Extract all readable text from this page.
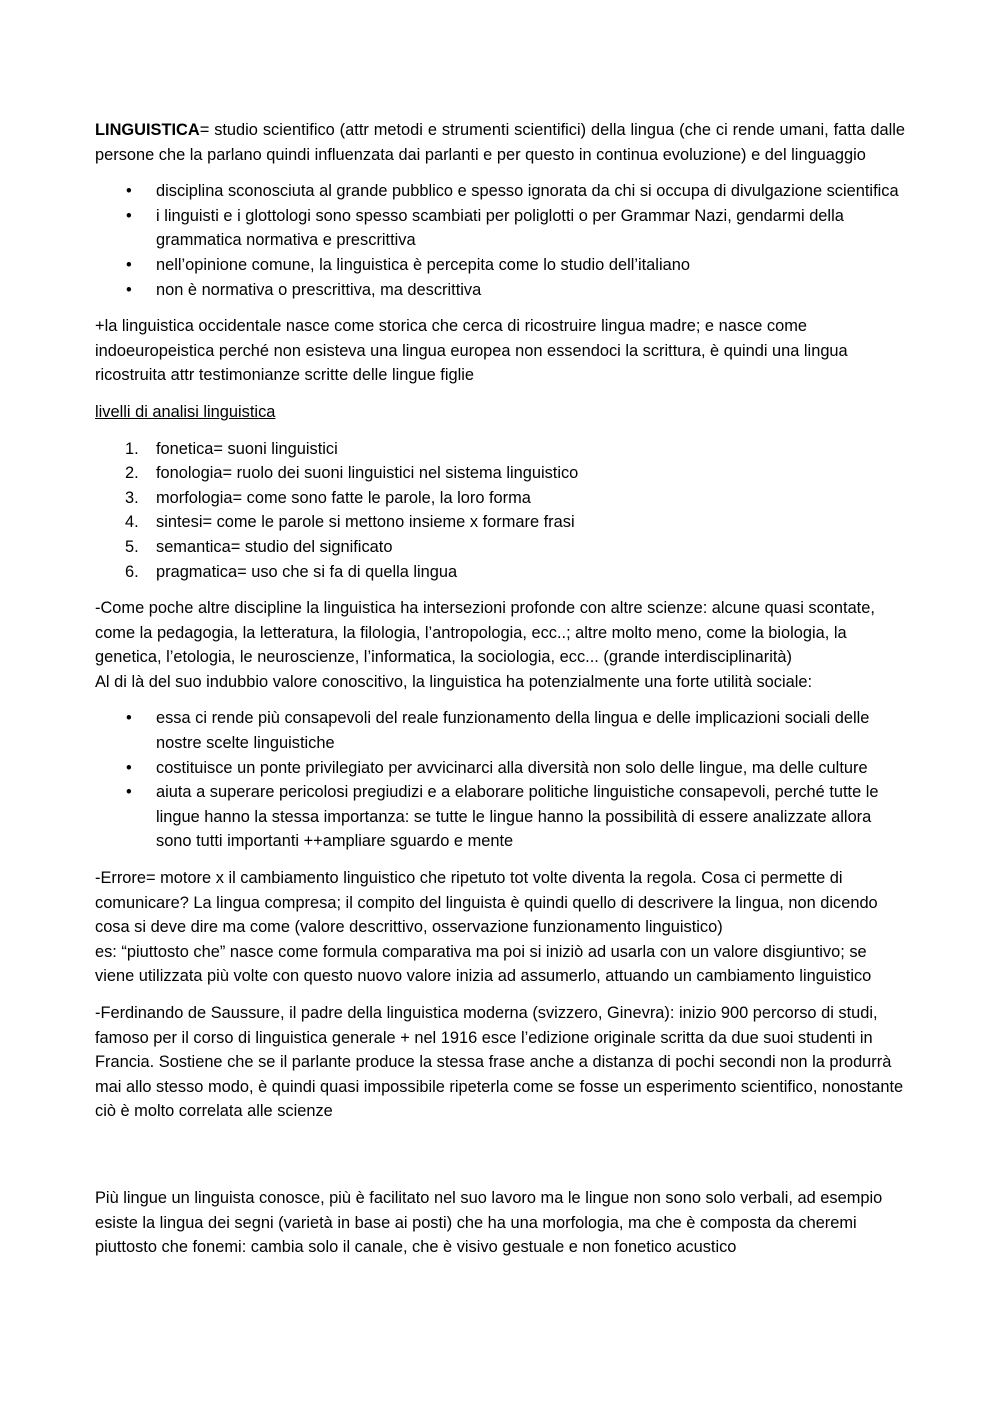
LINGUISTICA= studio scientifico (attr metodi e strumenti scientifici) della lingua (che ci rende umani, fatta dalle persone che la parlano quindi influenzata dai parlanti e per questo in continua evoluzione) e del linguaggio

• disciplina sconosciuta al grande pubblico e spesso ignorata da chi si occupa di divulgazione scientifica
• i linguisti e i glottologi sono spesso scambiati per poliglotti o per Grammar Nazi, gendarmi della grammatica normativa e prescrittiva
• nell’opinione comune, la linguistica è percepita come lo studio dell’italiano
• non è normativa o prescrittiva, ma descrittiva

+la linguistica occidentale nasce come storica che cerca di ricostruire lingua madre; e nasce come indoeuropeistica perché non esisteva una lingua europea non essendoci la scrittura, è quindi una lingua ricostruita attr testimonianze scritte delle lingue figlie

livelli di analisi linguistica

1. fonetica= suoni linguistici
2. fonologia= ruolo dei suoni linguistici nel sistema linguistico
3. morfologia= come sono fatte le parole, la loro forma
4. sintesi= come le parole si mettono insieme x formare frasi
5. semantica= studio del significato
6. pragmatica= uso che si fa di quella lingua

-Come poche altre discipline la linguistica ha intersezioni profonde con altre scienze: alcune quasi scontate, come la pedagogia, la letteratura, la filologia, l’antropologia, ecc..; altre molto meno, come la biologia, la genetica, l’etologia, le neuroscienze, l’informatica, la sociologia, ecc... (grande interdisciplinarità)

Al di là del suo indubbio valore conoscitivo, la linguistica ha potenzialmente una forte utilità sociale:

• essa ci rende più consapevoli del reale funzionamento della lingua e delle implicazioni sociali delle nostre scelte linguistiche
• costituisce un ponte privilegiato per avvicinarci alla diversità non solo delle lingue, ma delle culture
• aiuta a superare pericolosi pregiudizi e a elaborare politiche linguistiche consapevoli, perché tutte le lingue hanno la stessa importanza: se tutte le lingue hanno la possibilità di essere analizzate allora sono tutti importanti ++ampliare sguardo e mente

-Errore= motore x il cambiamento linguistico che ripetuto tot volte diventa la regola. Cosa ci permette di comunicare? La lingua compresa; il compito del linguista è quindi quello di descrivere la lingua, non dicendo cosa si deve dire ma come (valore descrittivo, osservazione funzionamento linguistico)

es: “piuttosto che” nasce come formula comparativa ma poi si iniziò ad usarla con un valore disgiuntivo; se viene utilizzata più volte con questo nuovo valore inizia ad assumerlo, attuando un cambiamento linguistico

-Ferdinando de Saussure, il padre della linguistica moderna (svizzero, Ginevra): inizio 900 percorso di studi, famoso per il corso di linguistica generale + nel 1916 esce l’edizione originale scritta da due suoi studenti in Francia. Sostiene che se il parlante produce la stessa frase anche a distanza di pochi secondi non la produrrà mai allo stesso modo, è quindi quasi impossibile ripeterla come se fosse un esperimento scientifico, nonostante ciò è molto correlata alle scienze

Più lingue un linguista conosce, più è facilitato nel suo lavoro ma le lingue non sono solo verbali, ad esempio esiste la lingua dei segni (varietà in base ai posti) che ha una morfologia, ma che è composta da cheremi piuttosto che fonemi: cambia solo il canale, che è visivo gestuale e non fonetico acustico
